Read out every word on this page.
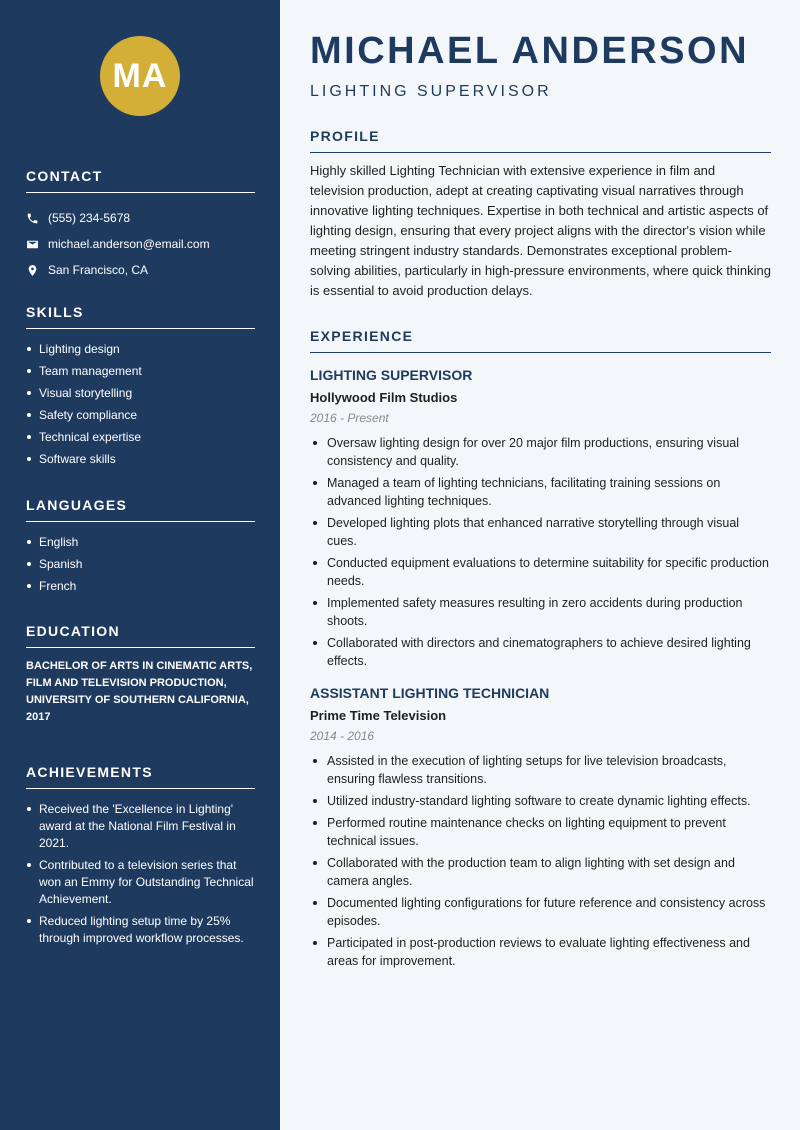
MA
CONTACT
(555) 234-5678
michael.anderson@email.com
San Francisco, CA
SKILLS
Lighting design
Team management
Visual storytelling
Safety compliance
Technical expertise
Software skills
LANGUAGES
English
Spanish
French
EDUCATION
BACHELOR OF ARTS IN CINEMATIC ARTS, FILM AND TELEVISION PRODUCTION, UNIVERSITY OF SOUTHERN CALIFORNIA, 2017
ACHIEVEMENTS
Received the 'Excellence in Lighting' award at the National Film Festival in 2021.
Contributed to a television series that won an Emmy for Outstanding Technical Achievement.
Reduced lighting setup time by 25% through improved workflow processes.
MICHAEL ANDERSON
LIGHTING SUPERVISOR
PROFILE

Highly skilled Lighting Technician with extensive experience in film and television production, adept at creating captivating visual narratives through innovative lighting techniques. Expertise in both technical and artistic aspects of lighting design, ensuring that every project aligns with the director's vision while meeting stringent industry standards. Demonstrates exceptional problem-solving abilities, particularly in high-pressure environments, where quick thinking is essential to avoid production delays.

EXPERIENCE
LIGHTING SUPERVISOR
Hollywood Film Studios
2016 - Present
Oversaw lighting design for over 20 major film productions, ensuring visual consistency and quality.
Managed a team of lighting technicians, facilitating training sessions on advanced lighting techniques.
Developed lighting plots that enhanced narrative storytelling through visual cues.
Conducted equipment evaluations to determine suitability for specific production needs.
Implemented safety measures resulting in zero accidents during production shoots.
Collaborated with directors and cinematographers to achieve desired lighting effects.
ASSISTANT LIGHTING TECHNICIAN
Prime Time Television
2014 - 2016
Assisted in the execution of lighting setups for live television broadcasts, ensuring flawless transitions.
Utilized industry-standard lighting software to create dynamic lighting effects.
Performed routine maintenance checks on lighting equipment to prevent technical issues.
Collaborated with the production team to align lighting with set design and camera angles.
Documented lighting configurations for future reference and consistency across episodes.
Participated in post-production reviews to evaluate lighting effectiveness and areas for improvement.
